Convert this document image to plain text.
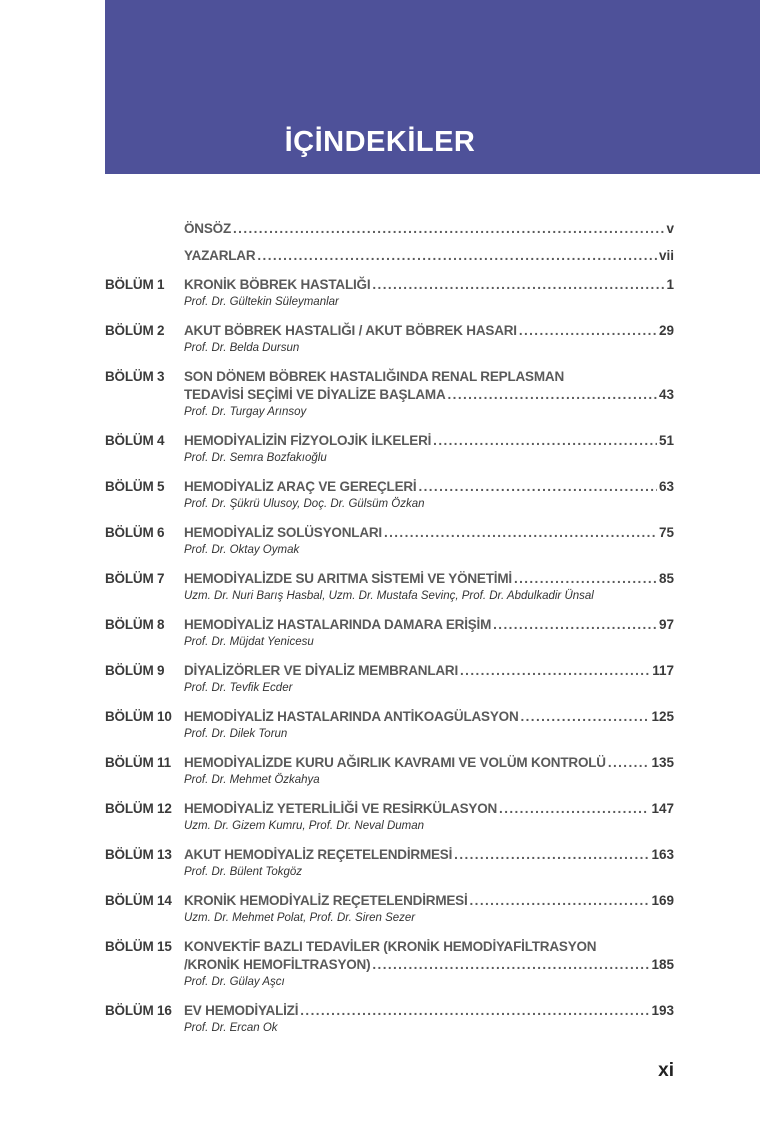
İÇİNDEKİLER
ÖNSÖZ .....	v
YAZARLAR .....	vii
BÖLÜM 1	KRONİK BÖBREK HASTALIĞI .....	1
Prof. Dr. Gültekin Süleymanlar
BÖLÜM 2	AKUT BÖBREK HASTALIĞI / AKUT BÖBREK HASARI .....	29
Prof. Dr. Belda Dursun
BÖLÜM 3	SON DÖNEM BÖBREK HASTALIĞINDA RENAL REPLASMAN
TEDAVİSİ SEÇİMİ VE DİYALİZE BAŞLAMA .....	43
Prof. Dr. Turgay Arınsoy
BÖLÜM 4	HEMODİYALİZİN FİZYOLOJİK İLKELERİ .....	51
Prof. Dr. Semra Bozfakıoğlu
BÖLÜM 5	HEMODİYALİZ ARAÇ VE GEREÇLERİ .....	63
Prof. Dr. Şükrü Ulusoy, Doç. Dr. Gülsüm Özkan
BÖLÜM 6	HEMODİYALİZ SOLÜSYONLARI .....	75
Prof. Dr. Oktay Oymak
BÖLÜM 7	HEMODİYALİZDE SU ARITMA SİSTEMİ VE YÖNETİMİ .....	85
Uzm. Dr. Nuri Barış Hasbal, Uzm. Dr. Mustafa Sevinç, Prof. Dr. Abdulkadir Ünsal
BÖLÜM 8	HEMODİYALİZ HASTALARINDA DAMARA ERİŞİM .....	97
Prof. Dr. Müjdat Yenicesu
BÖLÜM 9	DİYALİZÖRLER VE DİYALİZ MEMBRANLARI .....	117
Prof. Dr. Tevfik Ecder
BÖLÜM 10 HEMODİYALİZ HASTALARINDA ANTİKOAGÜLASYON .....	125
Prof. Dr. Dilek Torun
BÖLÜM 11 HEMODİYALİZDE KURU AĞIRLIK KAVRAMI VE VOLÜM KONTROLÜ .....	135
Prof. Dr. Mehmet Özkahya
BÖLÜM 12 HEMODİYALİZ YETERLİLİĞİ VE RESİRKÜLASYON .....	147
Uzm. Dr. Gizem Kumru, Prof. Dr. Neval Duman
BÖLÜM 13 AKUT HEMODİYALİZ REÇETELENDİRMESİ .....	163
Prof. Dr. Bülent Tokgöz
BÖLÜM 14 KRONİK HEMODİYALİZ REÇETELENDİRMESİ .....	169
Uzm. Dr. Mehmet Polat, Prof. Dr. Siren Sezer
BÖLÜM 15 KONVEKTİF BAZLI TEDAVİLER (KRONİK HEMODİYAFİLTRASYON
/KRONİK HEMOFİLTRASYON) .....	185
Prof. Dr. Gülay Aşcı
BÖLÜM 16 EV HEMODİYALİZİ .....	193
Prof. Dr. Ercan Ok
xi
